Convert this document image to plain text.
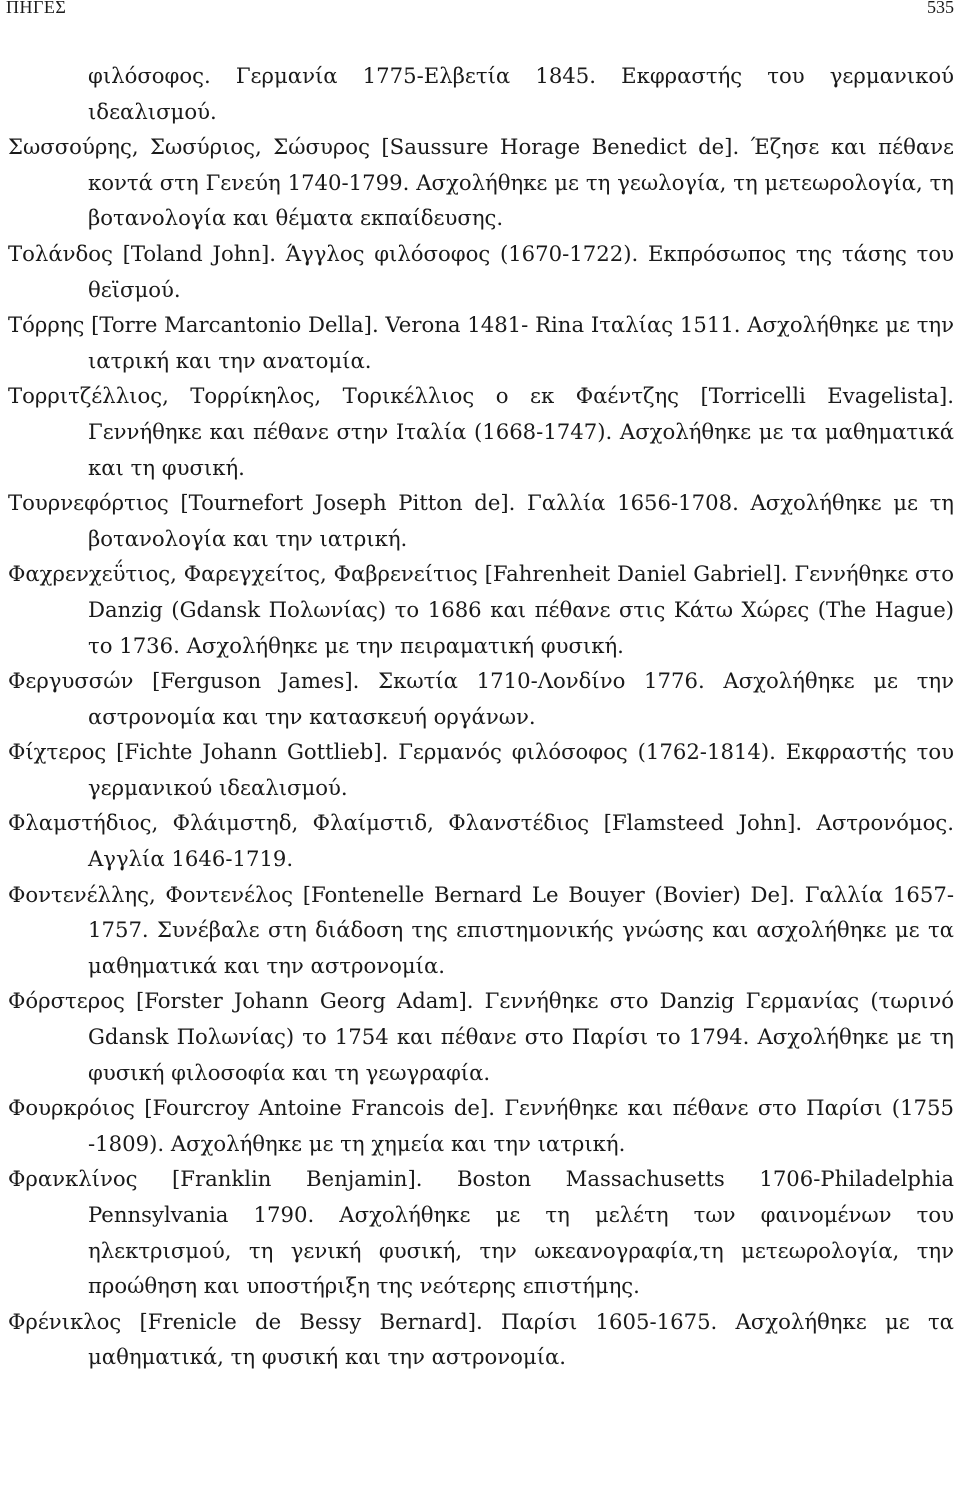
ΠΗΓΕΣ	535

φιλόσοφος. Γερμανία 1775-Ελβετία 1845. Εκφραστής του γερμανικού ιδεαλισμού.

Σωσσούρης, Σωσύριος, Σώσυρος [Saussure Horage Benedict de]. Έζησε και πέθανε κοντά στη Γενεύη 1740-1799. Ασχολήθηκε με τη γεωλογία, τη μετεωρολογία, τη βοτανολογία και θέματα εκπαίδευσης.

Τολάνδος [Toland John]. Άγγλος φιλόσοφος (1670-1722). Εκπρόσωπος της τάσης του θεϊσμού.

Τόρρης [Torre Marcantonio Della]. Verona 1481- Rina Ιταλίας 1511. Ασχολήθηκε με την ιατρική και την ανατομία.

Τορριτζέλλιος, Τορρίκηλος, Τορικέλλιος ο εκ Φαέντζης [Torricelli Evagelista]. Γεννήθηκε και πέθανε στην Ιταλία (1668-1747). Ασχολήθηκε με τα μαθηματικά και τη φυσική.

Τουρνεφόρτιος [Tournefort Joseph Pitton de]. Γαλλία 1656-1708. Ασχολήθηκε με τη βοτανολογία και την ιατρική.

Φαχρενχεΰτιος, Φαρεγχείτος, Φαβρενείτιος [Fahrenheit Daniel Gabriel]. Γεννήθηκε στο Danzig (Gdansk Πολωνίας) το 1686 και πέθανε στις Κάτω Χώρες (The Hague) το 1736. Ασχολήθηκε με την πειραματική φυσική.

Φεργυσσών [Ferguson James]. Σκωτία 1710-Λονδίνο 1776. Ασχολήθηκε με την αστρονομία και την κατασκευή οργάνων.

Φίχτερος [Fichte Johann Gottlieb]. Γερμανός φιλόσοφος (1762-1814). Εκφραστής του γερμανικού ιδεαλισμού.

Φλαμστήδιος, Φλάιμστηδ, Φλαίμστιδ, Φλανστέδιος [Flamsteed John]. Αστρονόμος. Αγγλία 1646-1719.

Φοντενέλλης, Φοντενέλος [Fontenelle Bernard Le Bouyer (Bovier) De]. Γαλλία 1657-1757. Συνέβαλε στη διάδοση της επιστημονικής γνώσης και ασχολήθηκε με τα μαθηματικά και την αστρονομία.

Φόρστερος [Forster Johann Georg Adam]. Γεννήθηκε στο Danzig Γερμανίας (τωρινό Gdansk Πολωνίας) το 1754 και πέθανε στο Παρίσι το 1794. Ασχολήθηκε με τη φυσική φιλοσοφία και τη γεωγραφία.

Φουρκρόιος [Fourcroy Antoine Francois de]. Γεννήθηκε και πέθανε στο Παρίσι (1755 -1809). Ασχολήθηκε με τη χημεία και την ιατρική.

Φρανκλίνος [Franklin Benjamin]. Boston Massachusetts 1706-Philadelphia Pennsylvania 1790. Ασχολήθηκε με τη μελέτη των φαινομένων του ηλεκτρισμού, τη γενική φυσική, την ωκεανογραφία,τη μετεωρολογία, την προώθηση και υποστήριξη της νεότερης επιστήμης.

Φρένικλος [Frenicle de Bessy Bernard]. Παρίσι 1605-1675. Ασχολήθηκε με τα μαθηματικά, τη φυσική και την αστρονομία.
